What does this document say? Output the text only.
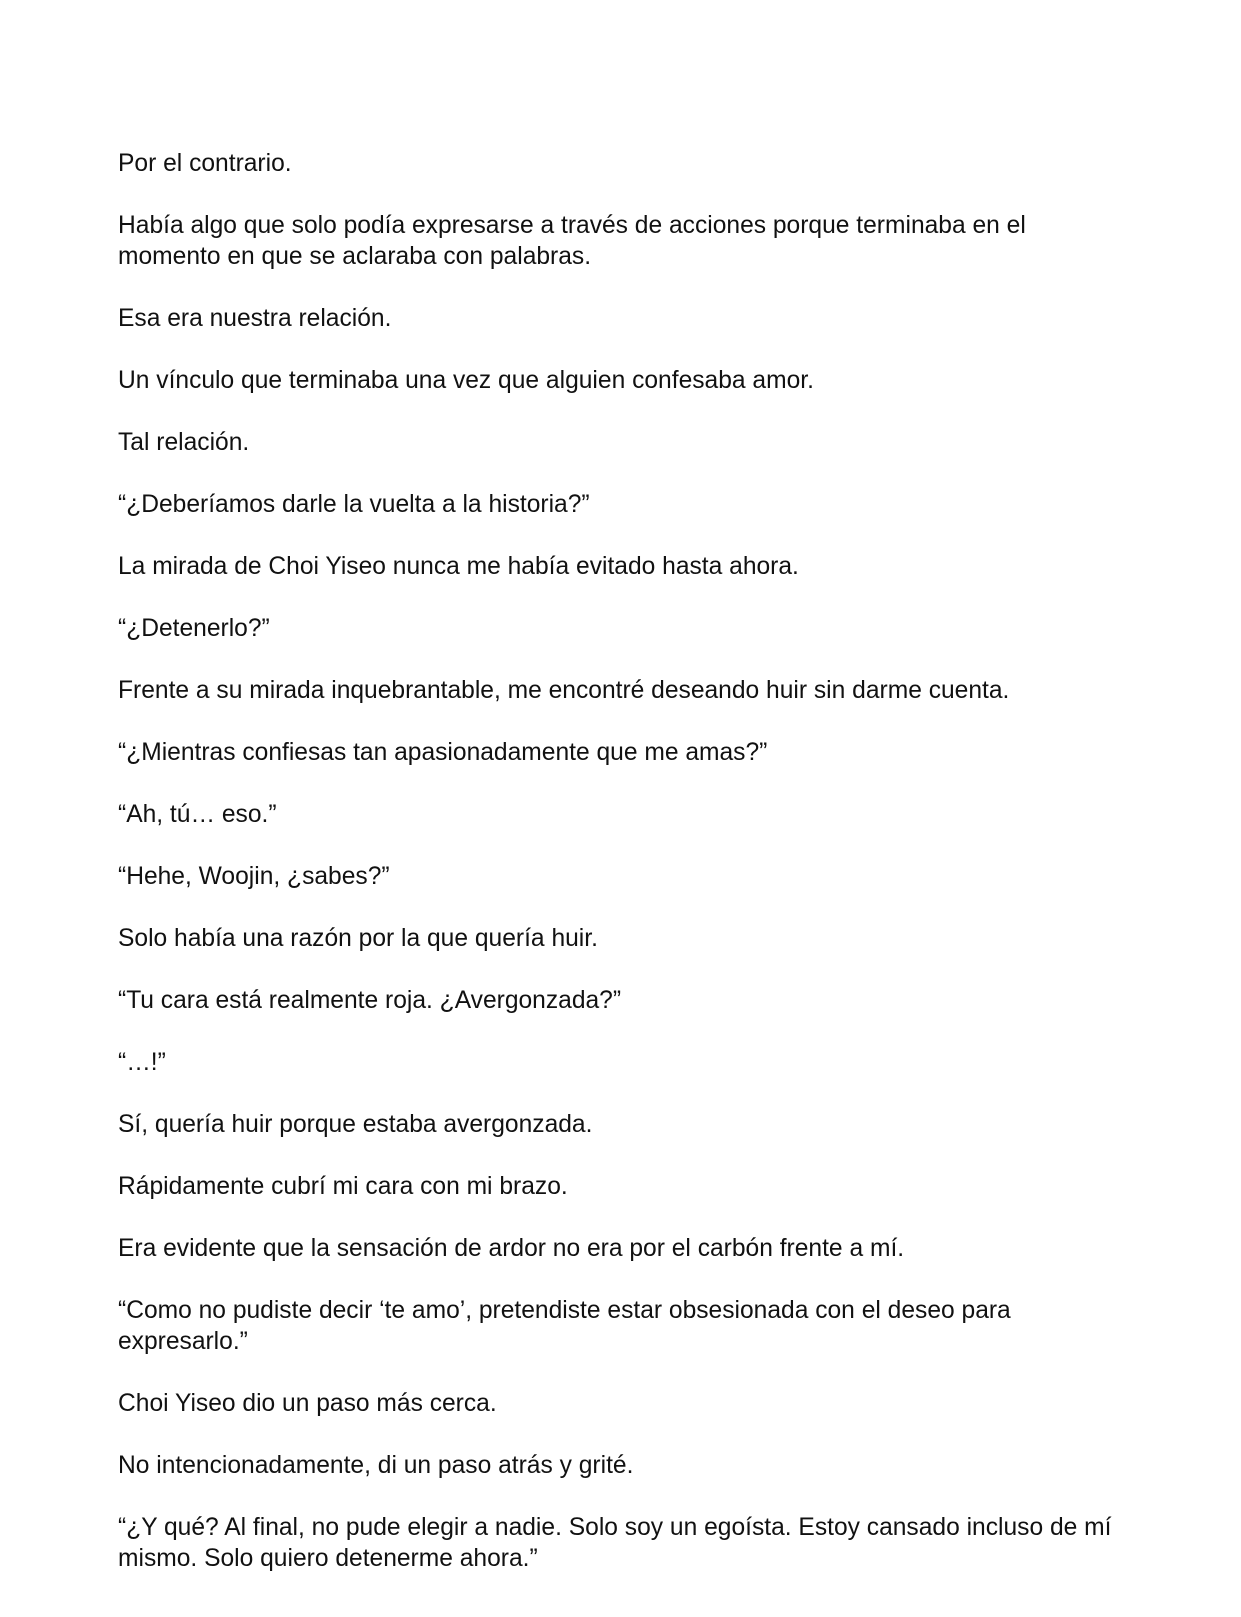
Por el contrario.

Había algo que solo podía expresarse a través de acciones porque terminaba en el momento en que se aclaraba con palabras.

Esa era nuestra relación.

Un vínculo que terminaba una vez que alguien confesaba amor.

Tal relación.

“¿Deberíamos darle la vuelta a la historia?”

La mirada de Choi Yiseo nunca me había evitado hasta ahora.

“¿Detenerlo?”

Frente a su mirada inquebrantable, me encontré deseando huir sin darme cuenta.

“¿Mientras confiesas tan apasionadamente que me amas?”

“Ah, tú… eso.”

“Hehe, Woojin, ¿sabes?”

Solo había una razón por la que quería huir.

“Tu cara está realmente roja. ¿Avergonzada?”

“…!”

Sí, quería huir porque estaba avergonzada.

Rápidamente cubrí mi cara con mi brazo.

Era evidente que la sensación de ardor no era por el carbón frente a mí.

“Como no pudiste decir ‘te amo’, pretendiste estar obsesionada con el deseo para expresarlo.”

Choi Yiseo dio un paso más cerca.

No intencionadamente, di un paso atrás y grité.

“¿Y qué? Al final, no pude elegir a nadie. Solo soy un egoísta. Estoy cansado incluso de mí mismo. Solo quiero detenerme ahora.”
